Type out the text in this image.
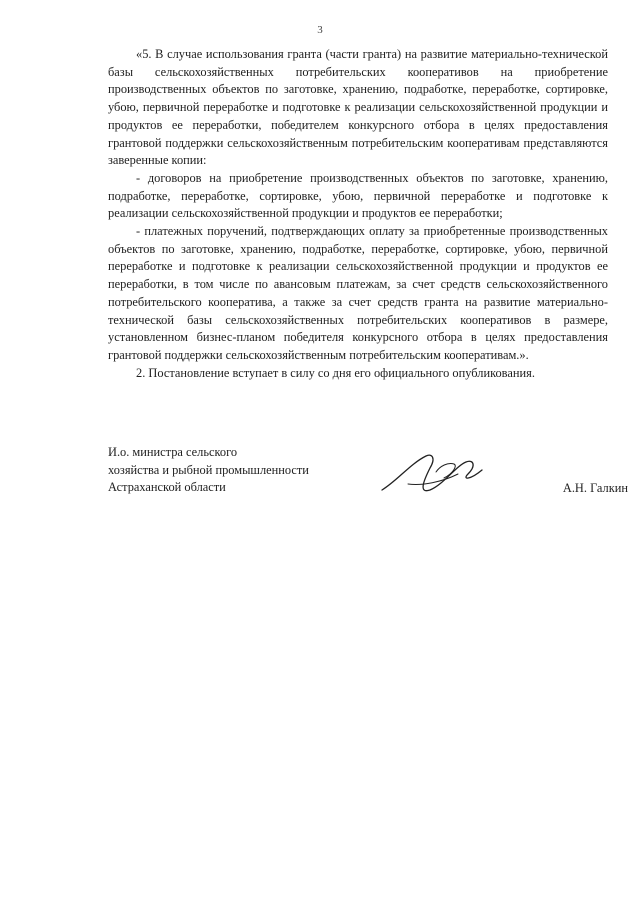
3

«5. В случае использования гранта (части гранта) на развитие материально-технической базы сельскохозяйственных потребительских кооперативов на приобретение производственных объектов по заготовке, хранению, подработке, переработке, сортировке, убою, первичной переработке и подготовке к реализации сельскохозяйственной продукции и продуктов ее переработки, победителем конкурсного отбора в целях предоставления грантовой поддержки сельскохозяйственным потребительским кооперативам представляются заверенные копии:

- договоров на приобретение производственных объектов по заготовке, хранению, подработке, переработке, сортировке, убою, первичной переработке и подготовке к реализации сельскохозяйственной продукции и продуктов ее переработки;

- платежных поручений, подтверждающих оплату за приобретенные производственных объектов по заготовке, хранению, подработке, переработке, сортировке, убою, первичной переработке и подготовке к реализации сельскохозяйственной продукции и продуктов ее переработки, в том числе по авансовым платежам, за счет средств сельскохозяйственного потребительского кооператива, а также за счет средств гранта на развитие материально-технической базы сельскохозяйственных потребительских кооперативов в размере, установленном бизнес-планом победителя конкурсного отбора в целях предоставления грантовой поддержки сельскохозяйственным потребительским кооперативам.».

2. Постановление вступает в силу со дня его официального опубликования.

И.о. министра сельского
хозяйства и рыбной промышленности
Астраханской области	А.Н. Галкин
